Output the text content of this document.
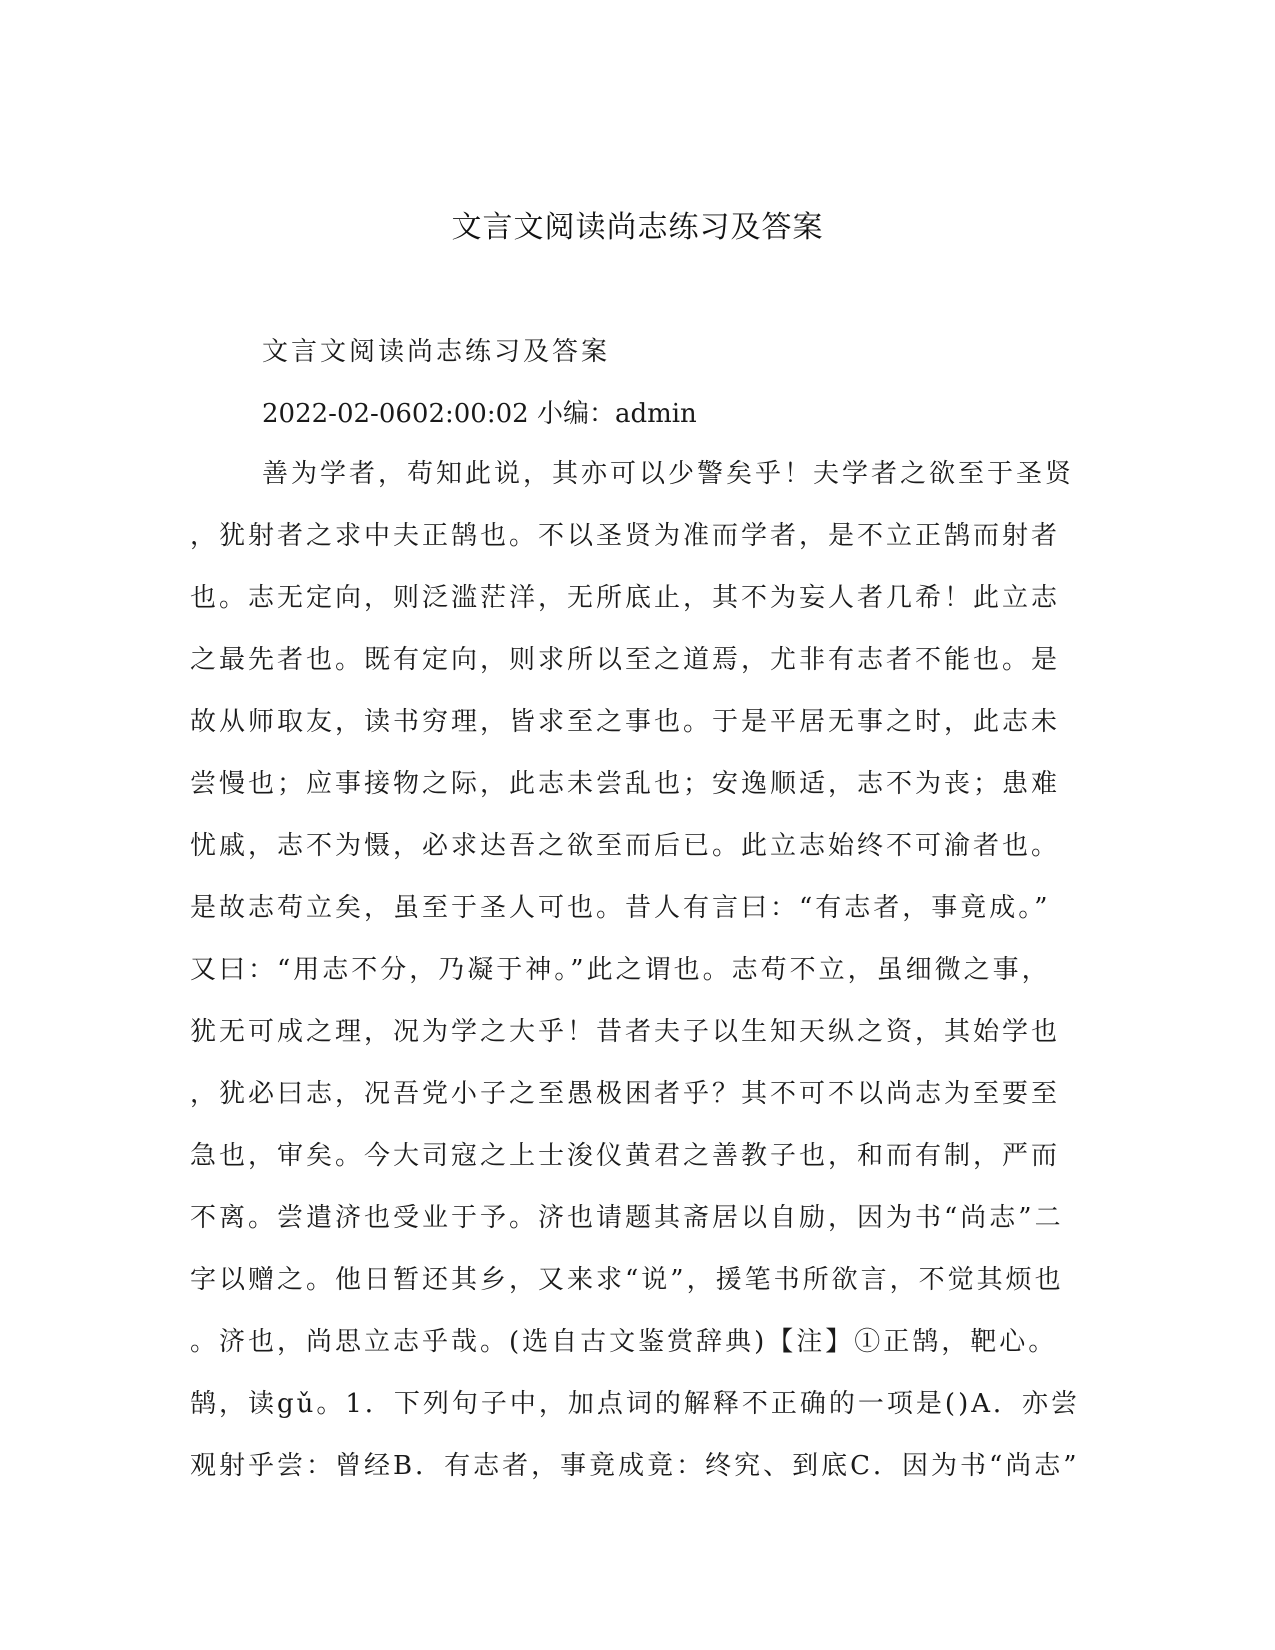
文言文阅读尚志练习及答案
文言文阅读尚志练习及答案
2022-02-0602:00:02 小编：admin
善为学者，苟知此说，其亦可以少警矣乎！夫学者之欲至于圣贤
，犹射者之求中夫正鹄也。不以圣贤为准而学者，是不立正鹄而射者
也。志无定向，则泛滥茫洋，无所底止，其不为妄人者几希！此立志
之最先者也。既有定向，则求所以至之道焉，尤非有志者不能也。是
故从师取友，读书穷理，皆求至之事也。于是平居无事之时，此志未
尝慢也；应事接物之际，此志未尝乱也；安逸顺适，志不为丧；患难
忧戚，志不为慑，必求达吾之欲至而后已。此立志始终不可渝者也。
是故志苟立矣，虽至于圣人可也。昔人有言曰：“有志者，事竟成。”
又曰：“用志不分，乃凝于神。”此之谓也。志苟不立，虽细微之事，
犹无可成之理，况为学之大乎！昔者夫子以生知天纵之资，其始学也
，犹必曰志，况吾党小子之至愚极困者乎？其不可不以尚志为至要至
急也，审矣。今大司寇之上士浚仪黄君之善教子也，和而有制，严而
不离。尝遣济也受业于予。济也请题其斋居以自励，因为书“尚志”二
字以赠之。他日暂还其乡，又来求“说”，援笔书所欲言，不觉其烦也
。济也，尚思立志乎哉。(选自古文鉴赏辞典)【注】①正鹄，靶心。
鹄，读gǔ。1．下列句子中，加点词的解释不正确的一项是()A．亦尝
观射乎尝：曾经B．有志者，事竟成竟：终究、到底C．因为书“尚志”
